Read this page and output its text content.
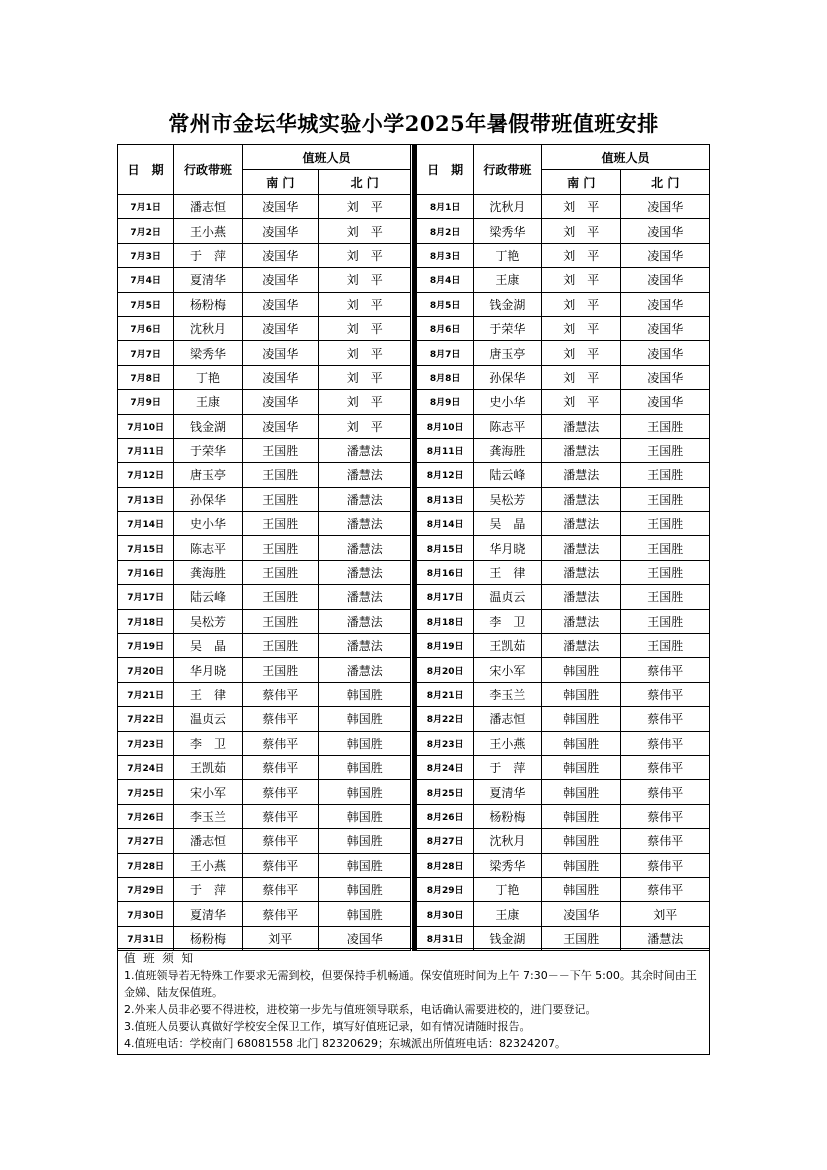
常州市金坛华城实验小学2025年暑假带班值班安排
日　期	行政带班	值班人员			日　期	行政带班	值班人员	
		南 门	北 门				南 门	北 门
7月1日	潘志恒	凌国华	刘　平		8月1日	沈秋月	刘　平	凌国华
7月2日	王小燕	凌国华	刘　平		8月2日	梁秀华	刘　平	凌国华
7月3日	于　萍	凌国华	刘　平		8月3日	丁艳	刘　平	凌国华
7月4日	夏清华	凌国华	刘　平		8月4日	王康	刘　平	凌国华
7月5日	杨粉梅	凌国华	刘　平		8月5日	钱金湖	刘　平	凌国华
7月6日	沈秋月	凌国华	刘　平		8月6日	于荣华	刘　平	凌国华
7月7日	梁秀华	凌国华	刘　平		8月7日	唐玉亭	刘　平	凌国华
7月8日	丁艳	凌国华	刘　平		8月8日	孙保华	刘　平	凌国华
7月9日	王康	凌国华	刘　平		8月9日	史小华	刘　平	凌国华
7月10日	钱金湖	凌国华	刘　平		8月10日	陈志平	潘慧法	王国胜
7月11日	于荣华	王国胜	潘慧法		8月11日	龚海胜	潘慧法	王国胜
7月12日	唐玉亭	王国胜	潘慧法		8月12日	陆云峰	潘慧法	王国胜
7月13日	孙保华	王国胜	潘慧法		8月13日	吴松芳	潘慧法	王国胜
7月14日	史小华	王国胜	潘慧法		8月14日	吴　晶	潘慧法	王国胜
7月15日	陈志平	王国胜	潘慧法		8月15日	华月晓	潘慧法	王国胜
7月16日	龚海胜	王国胜	潘慧法		8月16日	王　律	潘慧法	王国胜
7月17日	陆云峰	王国胜	潘慧法		8月17日	温贞云	潘慧法	王国胜
7月18日	吴松芳	王国胜	潘慧法		8月18日	李　卫	潘慧法	王国胜
7月19日	吴　晶	王国胜	潘慧法		8月19日	王凯茹	潘慧法	王国胜
7月20日	华月晓	王国胜	潘慧法		8月20日	宋小军	韩国胜	蔡伟平
7月21日	王　律	蔡伟平	韩国胜		8月21日	李玉兰	韩国胜	蔡伟平
7月22日	温贞云	蔡伟平	韩国胜		8月22日	潘志恒	韩国胜	蔡伟平
7月23日	李　卫	蔡伟平	韩国胜		8月23日	王小燕	韩国胜	蔡伟平
7月24日	王凯茹	蔡伟平	韩国胜		8月24日	于　萍	韩国胜	蔡伟平
7月25日	宋小军	蔡伟平	韩国胜		8月25日	夏清华	韩国胜	蔡伟平
7月26日	李玉兰	蔡伟平	韩国胜		8月26日	杨粉梅	韩国胜	蔡伟平
7月27日	潘志恒	蔡伟平	韩国胜		8月27日	沈秋月	韩国胜	蔡伟平
7月28日	王小燕	蔡伟平	韩国胜		8月28日	梁秀华	韩国胜	蔡伟平
7月29日	于　萍	蔡伟平	韩国胜		8月29日	丁艳	韩国胜	蔡伟平
7月30日	夏清华	蔡伟平	韩国胜		8月30日	王康	凌国华	刘平
7月31日	杨粉梅	刘平	凌国华		8月31日	钱金湖	王国胜	潘慧法
值 班 须 知
1.值班领导若无特殊工作要求无需到校，但要保持手机畅通。保安值班时间为上午 7:30－－下午 5:00。其余时间由王金娣、陆友保值班。
2.外来人员非必要不得进校，进校第一步先与值班领导联系，电话确认需要进校的，进门要登记。
3.值班人员要认真做好学校安全保卫工作，填写好值班记录，如有情况请随时报告。
4.值班电话：学校南门 68081558 北门 82320629；东城派出所值班电话：82324207。
